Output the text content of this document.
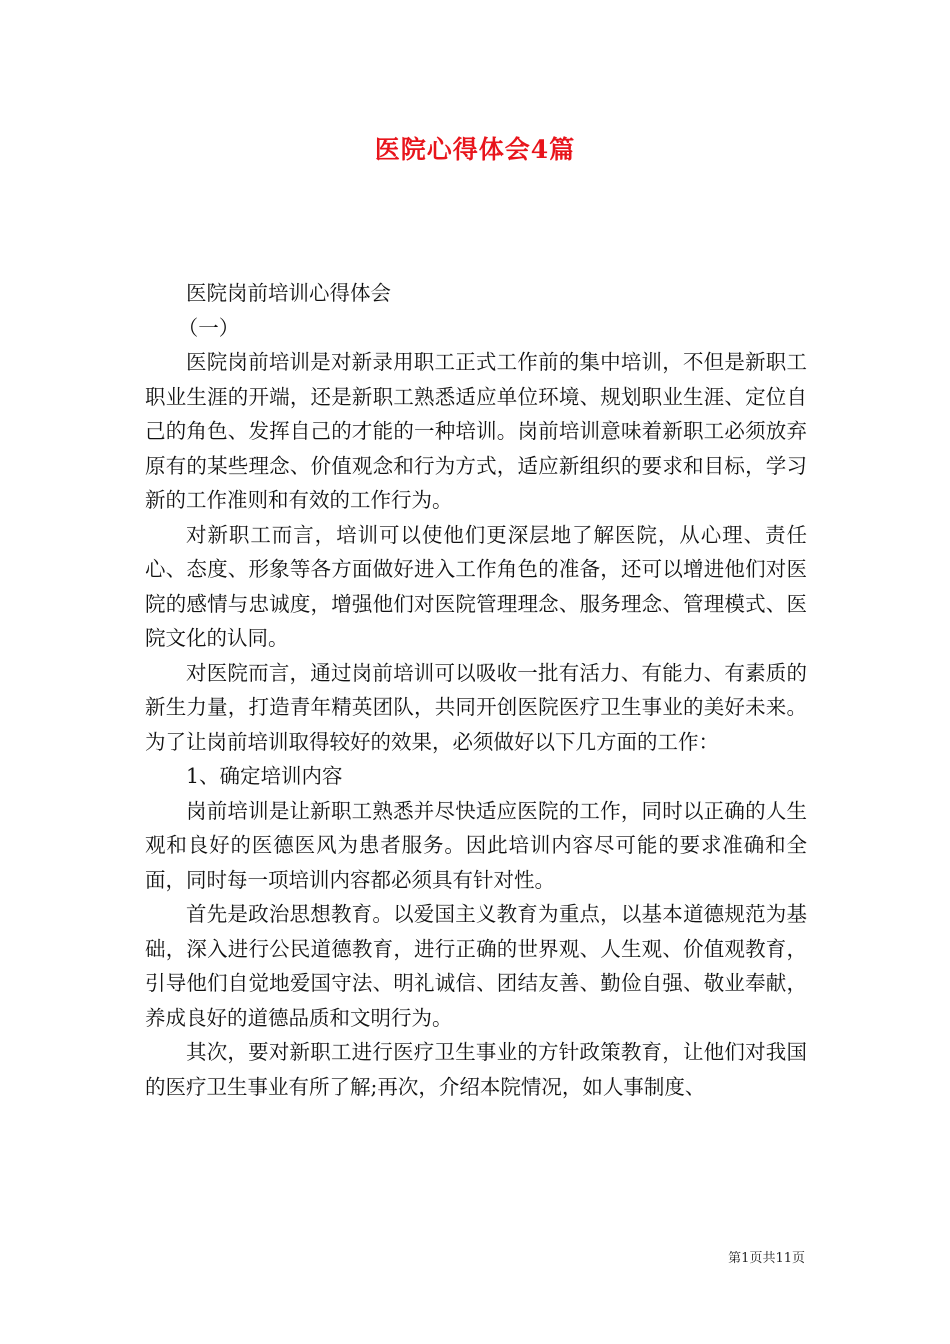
医院心得体会4篇

医院岗前培训心得体会

（一）

医院岗前培训是对新录用职工正式工作前的集中培训，不但是新职工职业生涯的开端，还是新职工熟悉适应单位环境、规划职业生涯、定位自己的角色、发挥自己的才能的一种培训。岗前培训意味着新职工必须放弃原有的某些理念、价值观念和行为方式，适应新组织的要求和目标，学习新的工作准则和有效的工作行为。

对新职工而言，培训可以使他们更深层地了解医院，从心理、责任心、态度、形象等各方面做好进入工作角色的准备，还可以增进他们对医院的感情与忠诚度，增强他们对医院管理理念、服务理念、管理模式、医院文化的认同。

对医院而言，通过岗前培训可以吸收一批有活力、有能力、有素质的新生力量，打造青年精英团队，共同开创医院医疗卫生事业的美好未来。为了让岗前培训取得较好的效果，必须做好以下几方面的工作：

1、确定培训内容

岗前培训是让新职工熟悉并尽快适应医院的工作，同时以正确的人生观和良好的医德医风为患者服务。因此培训内容尽可能的要求准确和全面，同时每一项培训内容都必须具有针对性。

首先是政治思想教育。以爱国主义教育为重点，以基本道德规范为基础，深入进行公民道德教育，进行正确的世界观、人生观、价值观教育，引导他们自觉地爱国守法、明礼诚信、团结友善、勤俭自强、敬业奉献，养成良好的道德品质和文明行为。

其次，要对新职工进行医疗卫生事业的方针政策教育，让他们对我国的医疗卫生事业有所了解;再次，介绍本院情况，如人事制度、

第1页共11页
